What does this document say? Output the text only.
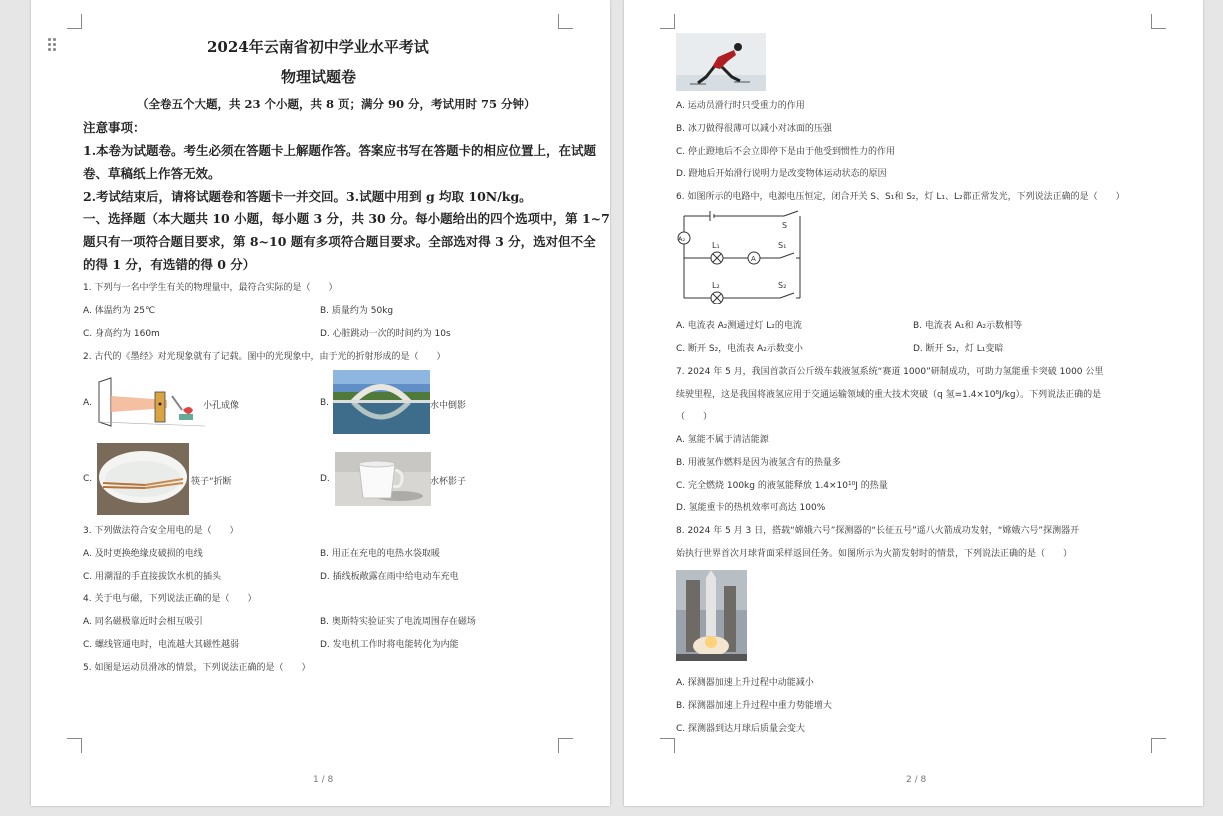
2024年云南省初中学业水平考试
物理试题卷
（全卷五个大题，共 23 个小题，共 8 页；满分 90 分，考试用时 75 分钟）
注意事项：
1.本卷为试题卷。考生必须在答题卡上解题作答。答案应书写在答题卡的相应位置上，在试题
卷、草稿纸上作答无效。
2.考试结束后，请将试题卷和答题卡一并交回。3.试题中用到 g 均取 10N/kg。
一、选择题（本大题共 10 小题，每小题 3 分，共 30 分。每小题给出的四个选项中，第 1~7
题只有一项符合题目要求，第 8~10 题有多项符合题目要求。全部选对得 3 分，选对但不全
的得 1 分，有选错的得 0 分）
1. 下列与一名中学生有关的物理量中，最符合实际的是（　　）
A. 体温约为 25℃	B. 质量约为 50kg
C. 身高约为 160m	D. 心脏跳动一次的时间约为 10s
2. 古代的《墨经》对光现象就有了记载。图中的光现象中，由于光的折射形成的是（　　）
A.	小孔成像	B.	水中倒影
C.	筷子“折断	D.	水杯影子
3. 下列做法符合安全用电的是（　　）
A. 及时更换绝缘皮破损的电线	B. 用正在充电的电热水袋取暖
C. 用潮湿的手直接拔饮水机的插头	D. 插线板敞露在雨中给电动车充电
4. 关于电与磁，下列说法正确的是（　　）
A. 同名磁极靠近时会相互吸引	B. 奥斯特实验证实了电流周围存在磁场
C. 螺线管通电时，电流越大其磁性越弱	D. 发电机工作时将电能转化为内能
5. 如图是运动员滑冰的情景，下列说法正确的是（　　）
1 / 8
A. 运动员滑行时只受重力的作用
B. 冰刀做得很薄可以减小对冰面的压强
C. 停止蹬地后不会立即停下是由于他受到惯性力的作用
D. 蹬地后开始滑行说明力是改变物体运动状态的原因
6. 如图所示的电路中，电源电压恒定，闭合开关 S、S₁和 S₂，灯 L₁、L₂都正常发光，下列说法正确的是（　　）
S
S₁
S₂
L₁
L₂
A
A₂
A. 电流表 A₂测通过灯 L₂的电流	B. 电流表 A₁和 A₂示数相等
C. 断开 S₂，电流表 A₂示数变小	D. 断开 S₂，灯 L₁变暗
7. 2024 年 5 月，我国首款百公斤级车载液氢系统“赛道 1000”研制成功，可助力氢能重卡突破 1000 公里
续驶里程，这是我国将液氢应用于交通运输领域的重大技术突破（q 氢=1.4×10⁸J/kg）。下列说法正确的是
（　　）
A. 氢能不属于清洁能源
B. 用液氢作燃料是因为液氢含有的热量多
C. 完全燃烧 100kg 的液氢能释放 1.4×10¹⁰J 的热量
D. 氢能重卡的热机效率可高达 100%
8. 2024 年 5 月 3 日，搭载“嫦娥六号”探测器的“长征五号”遥八火箭成功发射，“嫦娥六号”探测器开
始执行世界首次月球背面采样返回任务。如图所示为火箭发射时的情景，下列说法正确的是（　　）
A. 探测器加速上升过程中动能减小
B. 探测器加速上升过程中重力势能增大
C. 探测器到达月球后质量会变大
2 / 8
